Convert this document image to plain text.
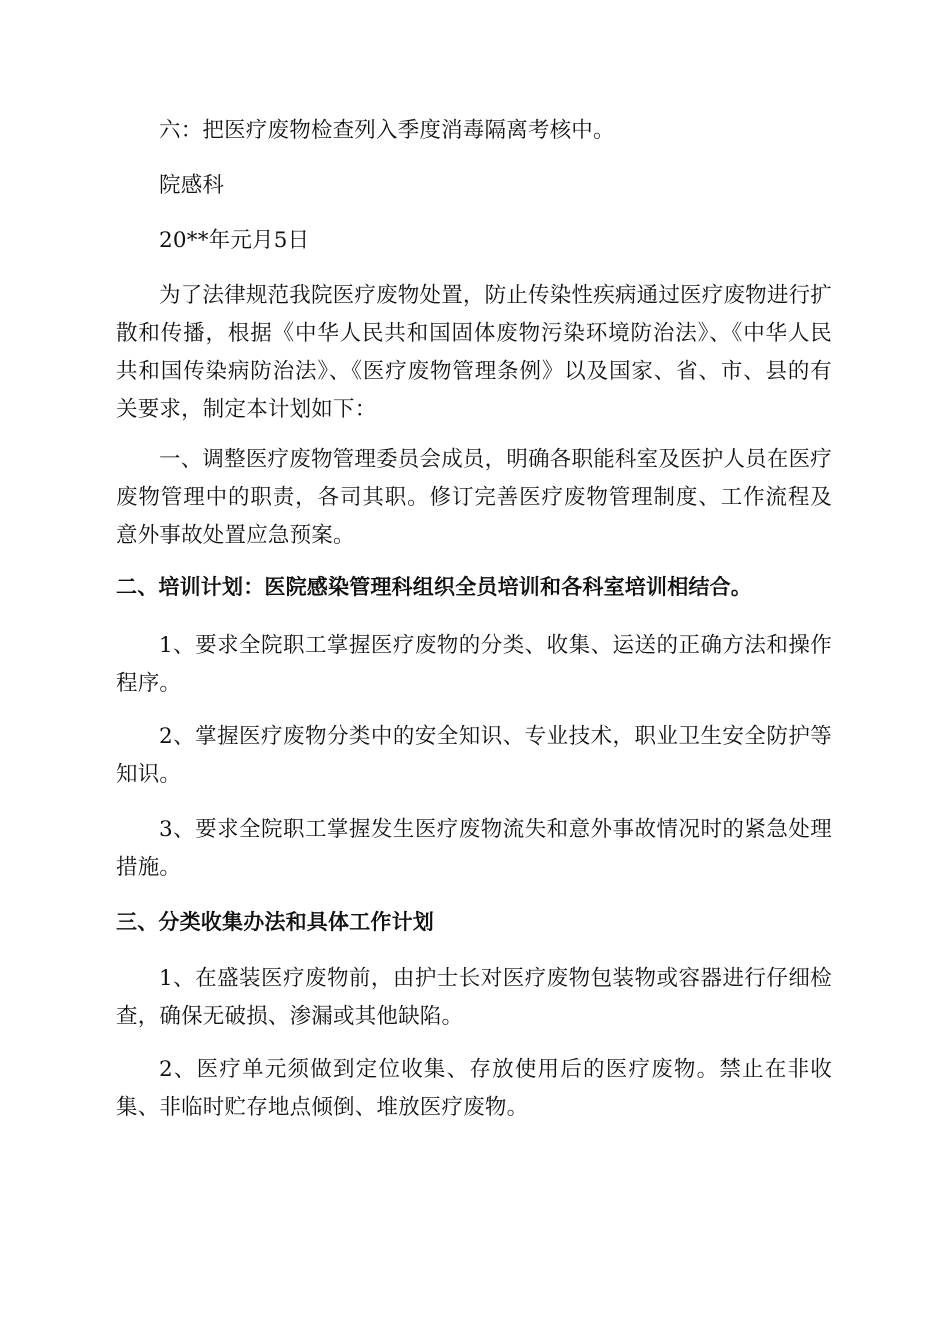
六：把医疗废物检查列入季度消毒隔离考核中。

院感科

20**年元月5日

为了法律规范我院医疗废物处置，防止传染性疾病通过医疗废物进行扩散和传播，根据《中华人民共和国固体废物污染环境防治法》、《中华人民共和国传染病防治法》、《医疗废物管理条例》以及国家、省、市、县的有关要求，制定本计划如下：

一、调整医疗废物管理委员会成员，明确各职能科室及医护人员在医疗废物管理中的职责，各司其职。修订完善医疗废物管理制度、工作流程及意外事故处置应急预案。

二、培训计划：医院感染管理科组织全员培训和各科室培训相结合。

1、要求全院职工掌握医疗废物的分类、收集、运送的正确方法和操作程序。

2、掌握医疗废物分类中的安全知识、专业技术，职业卫生安全防护等知识。

3、要求全院职工掌握发生医疗废物流失和意外事故情况时的紧急处理措施。

三、分类收集办法和具体工作计划

1、在盛装医疗废物前，由护士长对医疗废物包装物或容器进行仔细检查，确保无破损、渗漏或其他缺陷。

2、医疗单元须做到定位收集、存放使用后的医疗废物。禁止在非收集、非临时贮存地点倾倒、堆放医疗废物。
